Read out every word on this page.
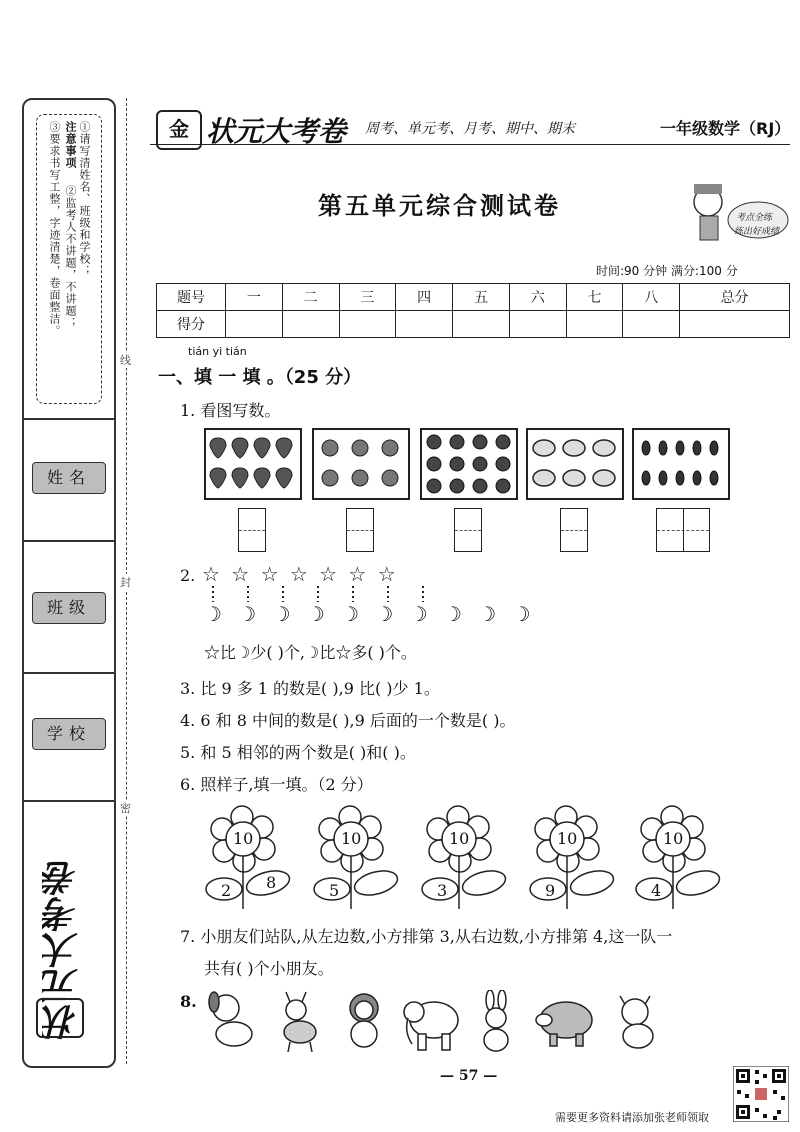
注意事项 ①请写清姓名、班级和学校；
②监考人不讲题，不讲题；
③要求书写工整，字迹清楚，卷面整洁。
姓名
班级
学校
状元大考卷
线
封
密
金 状元大考卷 周考、单元考、月考、期中、期末	一年级数学（RJ）
第五单元综合测试卷	考点全练
练出好成绩
时间:90 分钟 满分:100 分
题号	一	二	三	四	五	六	七	八	总分
得分									
tián yi tián
一、填 一 填 。（25 分）
1. 看图写数。
2. ☆ ☆ ☆ ☆ ☆ ☆ ☆
☽ ☽ ☽ ☽ ☽ ☽ ☽ ☽ ☽ ☽
☆比☽少( )个,☽比☆多( )个。
3. 比 9 多 1 的数是( ),9 比( )少 1。
4. 6 和 8 中间的数是( ),9 后面的一个数是( )。
5. 和 5 相邻的两个数是( )和( )。
6. 照样子,填一填。（2 分）
10
2 8
10
5
10
3
10
9
10
4
7. 小朋友们站队,从左边数,小方排第 3,从右边数,小方排第 4,这一队一
共有( )个小朋友。
8.
— 57 —
需要更多资料请添加张老师领取
